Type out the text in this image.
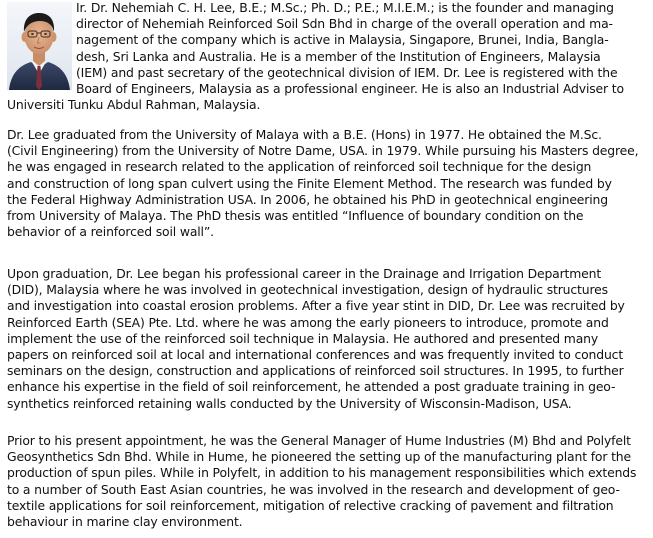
Ir. Dr. Nehemiah C. H. Lee, B.E.; M.Sc.; Ph. D.; P.E.; M.I.E.M.; is the founder and managing
director of Nehemiah Reinforced Soil Sdn Bhd in charge of the overall operation and ma-
nagement of the company which is active in Malaysia, Singapore, Brunei, India, Bangla-
desh, Sri Lanka and Australia. He is a member of the Institution of Engineers, Malaysia
(IEM) and past secretary of the geotechnical division of IEM. Dr. Lee is registered with the
Board of Engineers, Malaysia as a professional engineer. He is also an Industrial Adviser to
Universiti Tunku Abdul Rahman, Malaysia.
Dr. Lee graduated from the University of Malaya with a B.E. (Hons) in 1977. He obtained the M.Sc.
(Civil Engineering) from the University of Notre Dame, USA. in 1979. While pursuing his Masters degree,
he was engaged in research related to the application of reinforced soil technique for the design
and construction of long span culvert using the Finite Element Method. The research was funded by
the Federal Highway Administration USA. In 2006, he obtained his PhD in geotechnical engineering
from University of Malaya. The PhD thesis was entitled “Influence of boundary condition on the
behavior of a reinforced soil wall”.
Upon graduation, Dr. Lee began his professional career in the Drainage and Irrigation Department
(DID), Malaysia where he was involved in geotechnical investigation, design of hydraulic structures
and investigation into coastal erosion problems. After a five year stint in DID, Dr. Lee was recruited by
Reinforced Earth (SEA) Pte. Ltd. where he was among the early pioneers to introduce, promote and
implement the use of the reinforced soil technique in Malaysia. He authored and presented many
papers on reinforced soil at local and international conferences and was frequently invited to conduct
seminars on the design, construction and applications of reinforced soil structures. In 1995, to further
enhance his expertise in the field of soil reinforcement, he attended a post graduate training in geo-
synthetics reinforced retaining walls conducted by the University of Wisconsin-Madison, USA.
Prior to his present appointment, he was the General Manager of Hume Industries (M) Bhd and Polyfelt
Geosynthetics Sdn Bhd. While in Hume, he pioneered the setting up of the manufacturing plant for the
production of spun piles. While in Polyfelt, in addition to his management responsibilities which extends
to a number of South East Asian countries, he was involved in the research and development of geo-
textile applications for soil reinforcement, mitigation of relective cracking of pavement and filtration
behaviour in marine clay environment.
